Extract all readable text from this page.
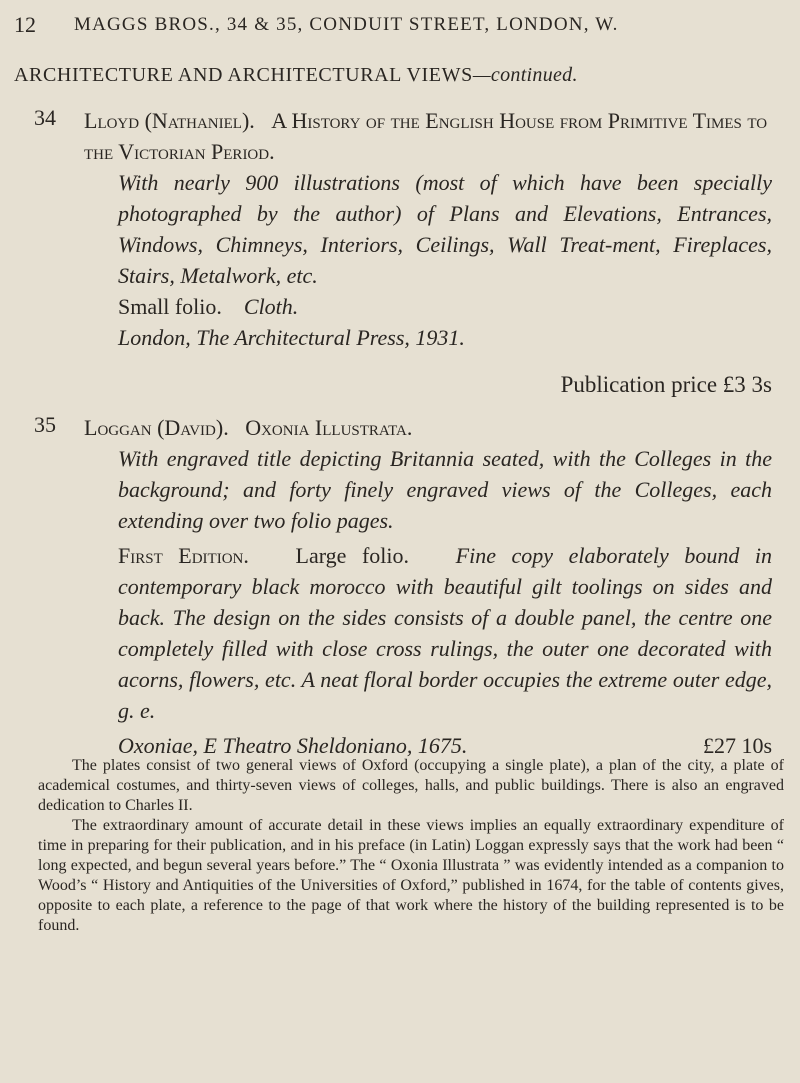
12 MAGGS BROS., 34 & 35, CONDUIT STREET, LONDON, W.
ARCHITECTURE AND ARCHITECTURAL VIEWS—continued.
34 Lloyd (Nathaniel). A History of the English House from Primitive Times to the Victorian Period.
With nearly 900 illustrations (most of which have been specially photographed by the author) of Plans and Elevations, Entrances, Windows, Chimneys, Interiors, Ceilings, Wall Treat-ment, Fireplaces, Stairs, Metalwork, etc.
Small folio. Cloth.
London, The Architectural Press, 1931.
Publication price £3 3s
35 Loggan (David). Oxonia Illustrata.
With engraved title depicting Britannia seated, with the Colleges in the background; and forty finely engraved views of the Colleges, each extending over two folio pages.
First Edition. Large folio. Fine copy elaborately bound in contemporary black morocco with beautiful gilt toolings on sides and back. The design on the sides consists of a double panel, the centre one completely filled with close cross rulings, the outer one decorated with acorns, flowers, etc. A neat floral border occupies the extreme outer edge, g. e.
Oxoniae, E Theatro Sheldoniano, 1675.	£27 10s

The plates consist of two general views of Oxford (occupying a single plate), a plan of the city, a plate of academical costumes, and thirty-seven views of colleges, halls, and public buildings. There is also an engraved dedication to Charles II.

The extraordinary amount of accurate detail in these views implies an equally extraordinary expenditure of time in preparing for their publication, and in his preface (in Latin) Loggan expressly says that the work had been “ long expected, and begun several years before.” The “ Oxonia Illustrata ” was evidently intended as a companion to Wood’s “ History and Antiquities of the Universities of Oxford,” published in 1674, for the table of contents gives, opposite to each plate, a reference to the page of that work where the history of the building represented is to be found.
